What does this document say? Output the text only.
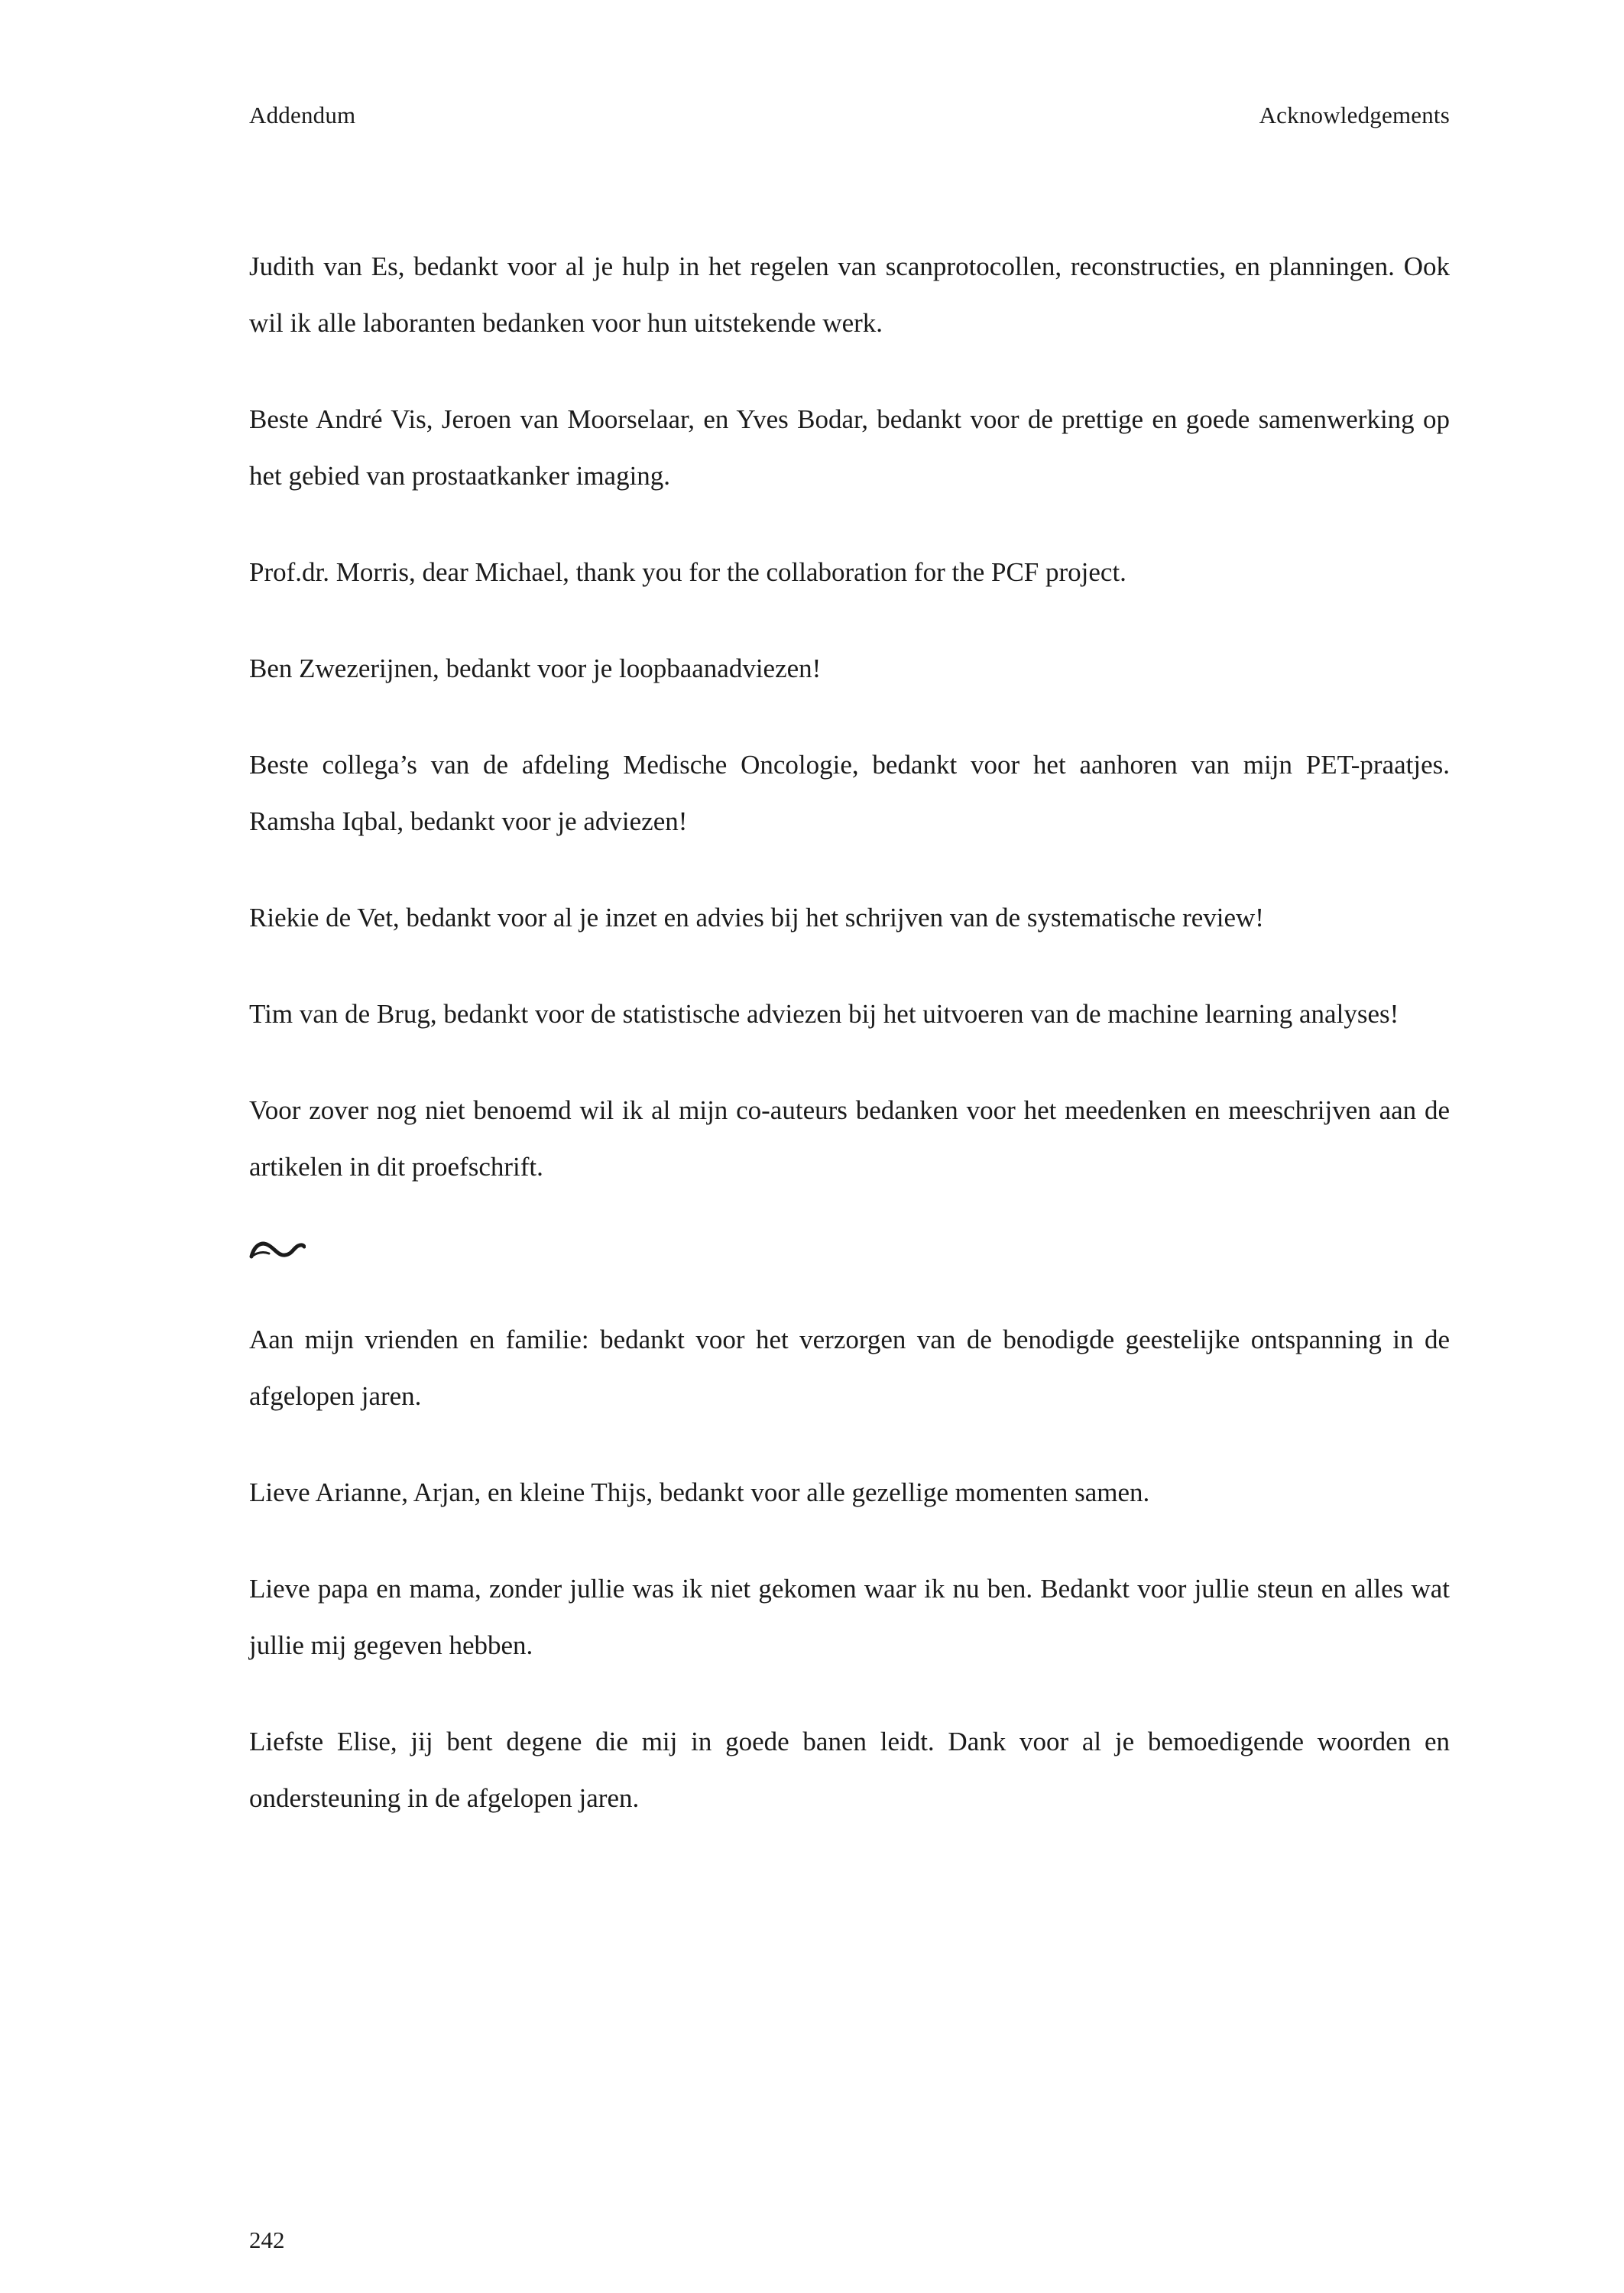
Addendum	Acknowledgements

Judith van Es, bedankt voor al je hulp in het regelen van scanprotocollen, reconstructies, en planningen. Ook wil ik alle laboranten bedanken voor hun uitstekende werk.

Beste André Vis, Jeroen van Moorselaar, en Yves Bodar, bedankt voor de prettige en goede samenwerking op het gebied van prostaatkanker imaging.

Prof.dr. Morris, dear Michael, thank you for the collaboration for the PCF project.

Ben Zwezerijnen, bedankt voor je loopbaanadviezen!

Beste collega’s van de afdeling Medische Oncologie, bedankt voor het aanhoren van mijn PET-praatjes. Ramsha Iqbal, bedankt voor je adviezen!

Riekie de Vet, bedankt voor al je inzet en advies bij het schrijven van de systematische review!

Tim van de Brug, bedankt voor de statistische adviezen bij het uitvoeren van de machine learning analyses!

Voor zover nog niet benoemd wil ik al mijn co-auteurs bedanken voor het meedenken en meeschrijven aan de artikelen in dit proefschrift.

Aan mijn vrienden en familie: bedankt voor het verzorgen van de benodigde geestelijke ontspanning in de afgelopen jaren.

Lieve Arianne, Arjan, en kleine Thijs, bedankt voor alle gezellige momenten samen.

Lieve papa en mama, zonder jullie was ik niet gekomen waar ik nu ben. Bedankt voor jullie steun en alles wat jullie mij gegeven hebben.

Liefste Elise, jij bent degene die mij in goede banen leidt. Dank voor al je bemoedigende woorden en ondersteuning in de afgelopen jaren.

242
